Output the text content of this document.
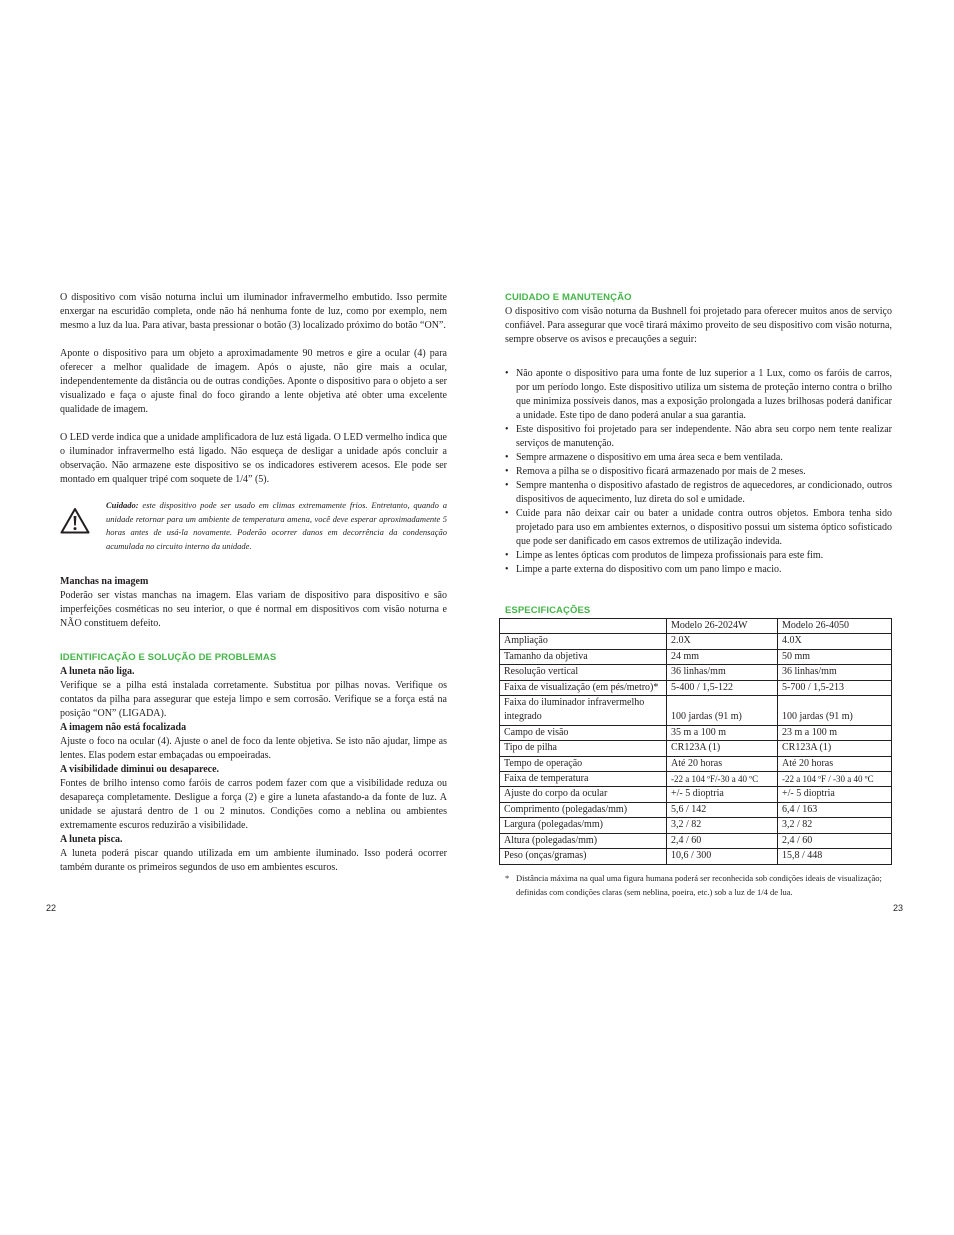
O dispositivo com visão noturna inclui um iluminador infravermelho embutido. Isso permite enxergar na escuridão completa, onde não há nenhuma fonte de luz, como por exemplo, nem mesmo a luz da lua. Para ativar, basta pressionar o botão (3) localizado próximo do botão “ON”.

Aponte o dispositivo para um objeto a aproximadamente 90 metros e gire a ocular (4) para oferecer a melhor qualidade de imagem. Após o ajuste, não gire mais a ocular, independentemente da distância ou de outras condições. Aponte o dispositivo para o objeto a ser visualizado e faça o ajuste final do foco girando a lente objetiva até obter uma excelente qualidade de imagem.

O LED verde indica que a unidade amplificadora de luz está ligada. O LED vermelho indica que o iluminador infravermelho está ligado. Não esqueça de desligar a unidade após concluir a observação. Não armazene este dispositivo se os indicadores estiverem acesos. Ele pode ser montado em qualquer tripé com soquete de 1/4” (5).

Cuidado: este dispositivo pode ser usado em climas extremamente frios. Entretanto, quando a unidade retornar para um ambiente de temperatura amena, você deve esperar aproximadamente 5 horas antes de usá-la novamente. Poderão ocorrer danos em decorrência da condensação acumulada no circuito interno da unidade.

Manchas na imagem

Poderão ser vistas manchas na imagem. Elas variam de dispositivo para dispositivo e são imperfeições cosméticas no seu interior, o que é normal em dispositivos com visão noturna e NÃO constituem defeito.

IDENTIFICAÇÃO E SOLUÇÃO DE PROBLEMAS

A luneta não liga.

Verifique se a pilha está instalada corretamente. Substitua por pilhas novas. Verifique os contatos da pilha para assegurar que esteja limpo e sem corrosão. Verifique se a força está na posição “ON” (LIGADA).

A imagem não está focalizada

Ajuste o foco na ocular (4). Ajuste o anel de foco da lente objetiva. Se isto não ajudar, limpe as lentes. Elas podem estar embaçadas ou empoeiradas.

A visibilidade diminui ou desaparece.

Fontes de brilho intenso como faróis de carros podem fazer com que a visibilidade reduza ou desapareça completamente. Desligue a força (2) e gire a luneta afastando-a da fonte de luz. A unidade se ajustará dentro de 1 ou 2 minutos. Condições como a neblina ou ambientes extremamente escuros reduzirão a visibilidade.

A luneta pisca.

A luneta poderá piscar quando utilizada em um ambiente iluminado. Isso poderá ocorrer também durante os primeiros segundos de uso em ambientes escuros.

22

CUIDADO E MANUTENÇÃO

O dispositivo com visão noturna da Bushnell foi projetado para oferecer muitos anos de serviço confiável. Para assegurar que você tirará máximo proveito de seu dispositivo com visão noturna, sempre observe os avisos e precauções a seguir:

• Não aponte o dispositivo para uma fonte de luz superior a 1 Lux, como os faróis de carros, por um período longo. Este dispositivo utiliza um sistema de proteção interno contra o brilho que minimiza possíveis danos, mas a exposição prolongada a luzes brilhosas poderá danificar a unidade. Este tipo de dano poderá anular a sua garantia.
• Este dispositivo foi projetado para ser independente. Não abra seu corpo nem tente realizar serviços de manutenção.
• Sempre armazene o dispositivo em uma área seca e bem ventilada.
• Remova a pilha se o dispositivo ficará armazenado por mais de 2 meses.
• Sempre mantenha o dispositivo afastado de registros de aquecedores, ar condicionado, outros dispositivos de aquecimento, luz direta do sol e umidade.
• Cuide para não deixar cair ou bater a unidade contra outros objetos. Embora tenha sido projetado para uso em ambientes externos, o dispositivo possui um sistema óptico sofisticado que pode ser danificado em casos extremos de utilização indevida.
• Limpe as lentes ópticas com produtos de limpeza profissionais para este fim.
• Limpe a parte externa do dispositivo com um pano limpo e macio.

ESPECIFICAÇÕES

	Modelo 26-2024W	Modelo 26-4050
Ampliação	2.0X	4.0X
Tamanho da objetiva	24 mm	50 mm
Resolução vertical	36 linhas/mm	36 linhas/mm
Faixa de visualização (em pés/metro)*	5-400 / 1,5-122	5-700 / 1,5-213
Faixa do iluminador infravermelho integrado	100 jardas (91 m)	100 jardas (91 m)
Campo de visão	35 m a 100 m	23 m a 100 m
Tipo de pilha	CR123A (1)	CR123A (1)
Tempo de operação	Até 20 horas	Até 20 horas
Faixa de temperatura	-22 a 104 ºF/-30 a 40 ºC	-22 a 104 ºF / -30 a 40 ºC
Ajuste do corpo da ocular	+/- 5 dioptria	+/- 5 dioptria
Comprimento (polegadas/mm)	5,6 / 142	6,4 / 163
Largura (polegadas/mm)	3,2 / 82	3,2 / 82
Altura (polegadas/mm)	2,4 / 60	2,4 / 60
Peso (onças/gramas)	10,6 / 300	15,8 / 448
* Distância máxima na qual uma figura humana poderá ser reconhecida sob condições ideais de visualização; definidas com condições claras (sem neblina, poeira, etc.) sob a luz de 1/4 de lua.
23
